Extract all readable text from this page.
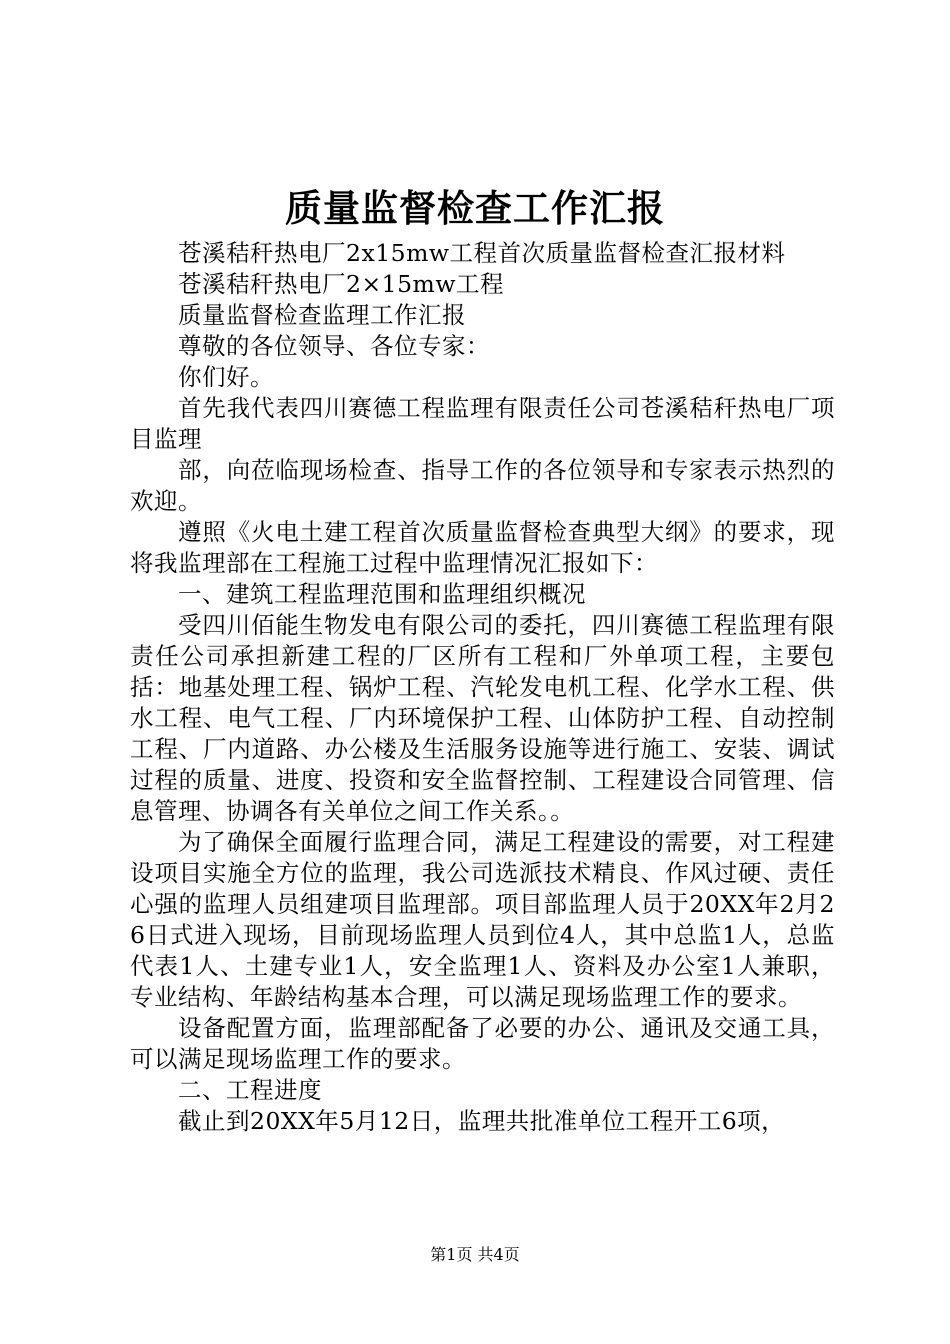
质量监督检查工作汇报

苍溪秸秆热电厂2x15mw工程首次质量监督检查汇报材料

苍溪秸秆热电厂2×15mw工程

质量监督检查监理工作汇报

尊敬的各位领导、各位专家：

你们好。

首先我代表四川赛德工程监理有限责任公司苍溪秸秆热电厂项目监理

部，向莅临现场检查、指导工作的各位领导和专家表示热烈的欢迎。

遵照《火电土建工程首次质量监督检查典型大纲》的要求，现将我监理部在工程施工过程中监理情况汇报如下：

一、建筑工程监理范围和监理组织概况

受四川佰能生物发电有限公司的委托，四川赛德工程监理有限责任公司承担新建工程的厂区所有工程和厂外单项工程，主要包括：地基处理工程、锅炉工程、汽轮发电机工程、化学水工程、供水工程、电气工程、厂内环境保护工程、山体防护工程、自动控制工程、厂内道路、办公楼及生活服务设施等进行施工、安装、调试过程的质量、进度、投资和安全监督控制、工程建设合同管理、信息管理、协调各有关单位之间工作关系。。

为了确保全面履行监理合同，满足工程建设的需要，对工程建设项目实施全方位的监理，我公司选派技术精良、作风过硬、责任心强的监理人员组建项目监理部。项目部监理人员于20XX年2月26日式进入现场，目前现场监理人员到位4人，其中总监1人，总监代表1人、土建专业1人，安全监理1人、资料及办公室1人兼职，专业结构、年龄结构基本合理，可以满足现场监理工作的要求。

设备配置方面，监理部配备了必要的办公、通讯及交通工具，可以满足现场监理工作的要求。

二、工程进度

截止到20XX年5月12日，监理共批准单位工程开工6项，

第1页 共4页
